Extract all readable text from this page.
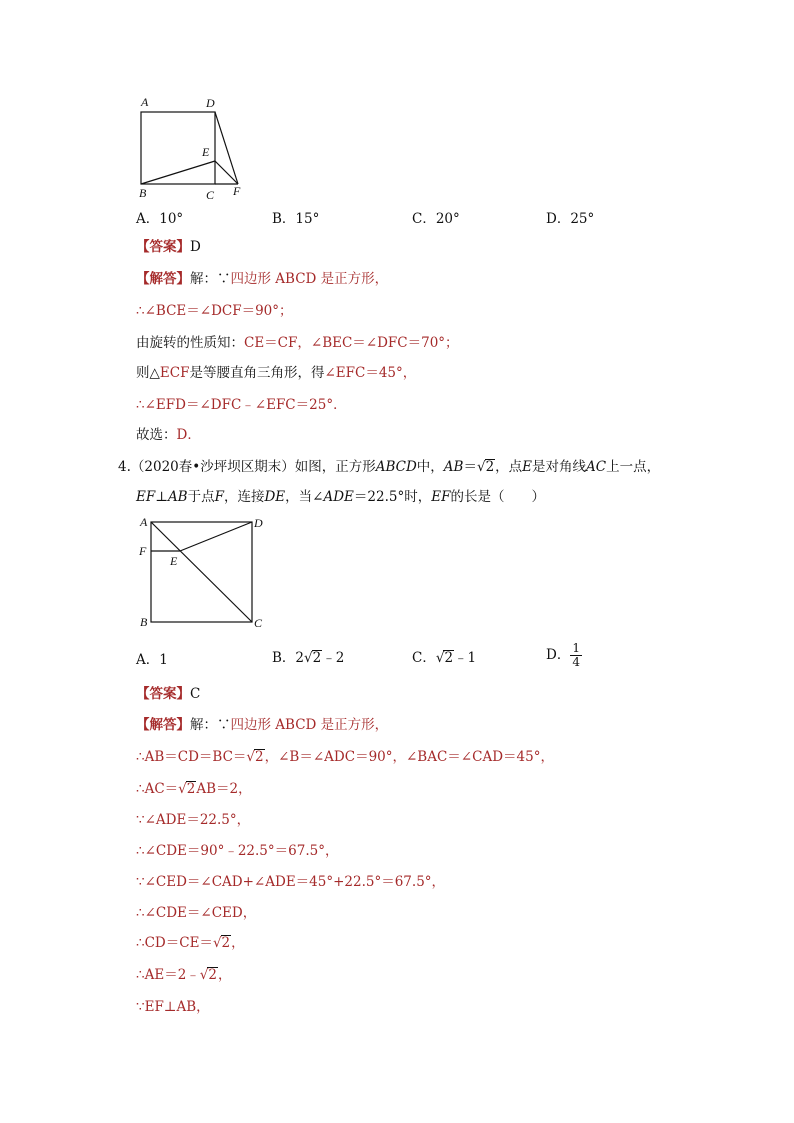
A	D
E
B	C F
A．10°	B．15°	C．20°	D．25°
【答案】D
【解答】解：∵四边形 ABCD 是正方形，
∴∠BCE＝∠DCF＝90°；
由旋转的性质知：CE＝CF，∠BEC＝∠DFC＝70°；
则△ECF是等腰直角三角形，得∠EFC＝45°，
∴∠EFD＝∠DFC﹣∠EFC＝25°．
故选：D．
4.（2020春•沙坪坝区期末）如图，正方形ABCD中，AB＝√2，点E是对角线AC上一点，
EF⊥AB于点F，连接DE，当∠ADE＝22.5°时，EF的长是（　　）
A	D
F
E
B	C
A．1	B．2√2﹣2	C．√2﹣1	D． $\frac{1}{4}$
【答案】C
【解答】解：∵四边形 ABCD 是正方形，
∴AB＝CD＝BC＝√2，∠B＝∠ADC＝90°，∠BAC＝∠CAD＝45°，
∴AC＝√2AB＝2，
∵∠ADE＝22.5°，
∴∠CDE＝90°﹣22.5°＝67.5°，
∵∠CED＝∠CAD+∠ADE＝45°+22.5°＝67.5°，
∴∠CDE＝∠CED，
∴CD＝CE＝√2，
∴AE＝2﹣√2，
∵EF⊥AB，
